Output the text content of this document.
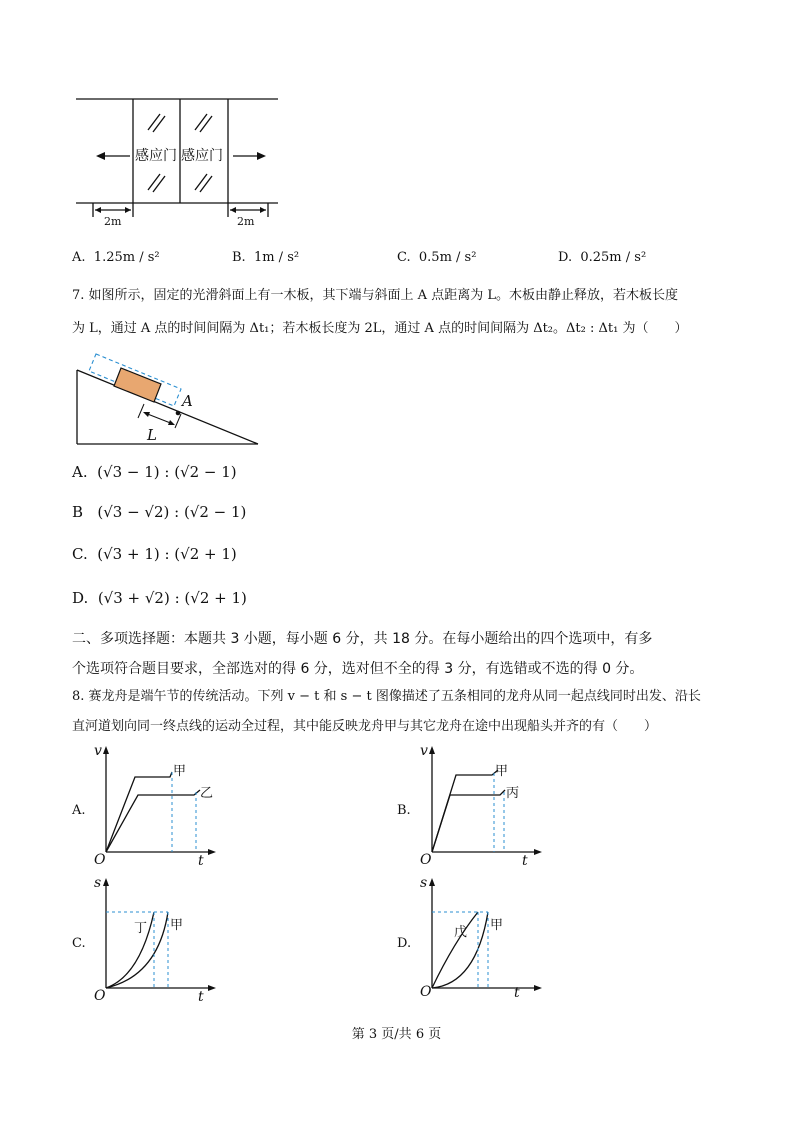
感应门 感应门
2m	2m
A. 1.25m / s²	B. 1m / s²	C. 0.5m / s²	D. 0.25m / s²
7. 如图所示，固定的光滑斜面上有一木板，其下端与斜面上 A 点距离为 L。木板由静止释放，若木板长度
为 L，通过 A 点的时间间隔为 Δt₁；若木板长度为 2L，通过 A 点的时间间隔为 Δt₂。Δt₂ : Δt₁ 为（　　）
A
L
A. (√3 − 1) : (√2 − 1)
B (√3 − √2) : (√2 − 1)
C. (√3 + 1) : (√2 + 1)
D. (√3 + √2) : (√2 + 1)
二、多项选择题：本题共 3 小题，每小题 6 分，共 18 分。在每小题给出的四个选项中，有多
个选项符合题目要求，全部选对的得 6 分，选对但不全的得 3 分，有选错或不选的得 0 分。
8. 赛龙舟是端午节的传统活动。下列 v − t 和 s − t 图像描述了五条相同的龙舟从同一起点线同时出发、沿长
直河道划向同一终点线的运动全过程，其中能反映龙舟甲与其它龙舟在途中出现船头并齐的有（　　）
A.
v
t
O
甲
乙
B.
v
t
O
甲
丙
C.
s
t
O
丁 甲
D.
s
t
O
戊 甲
第 3 页/共 6 页
